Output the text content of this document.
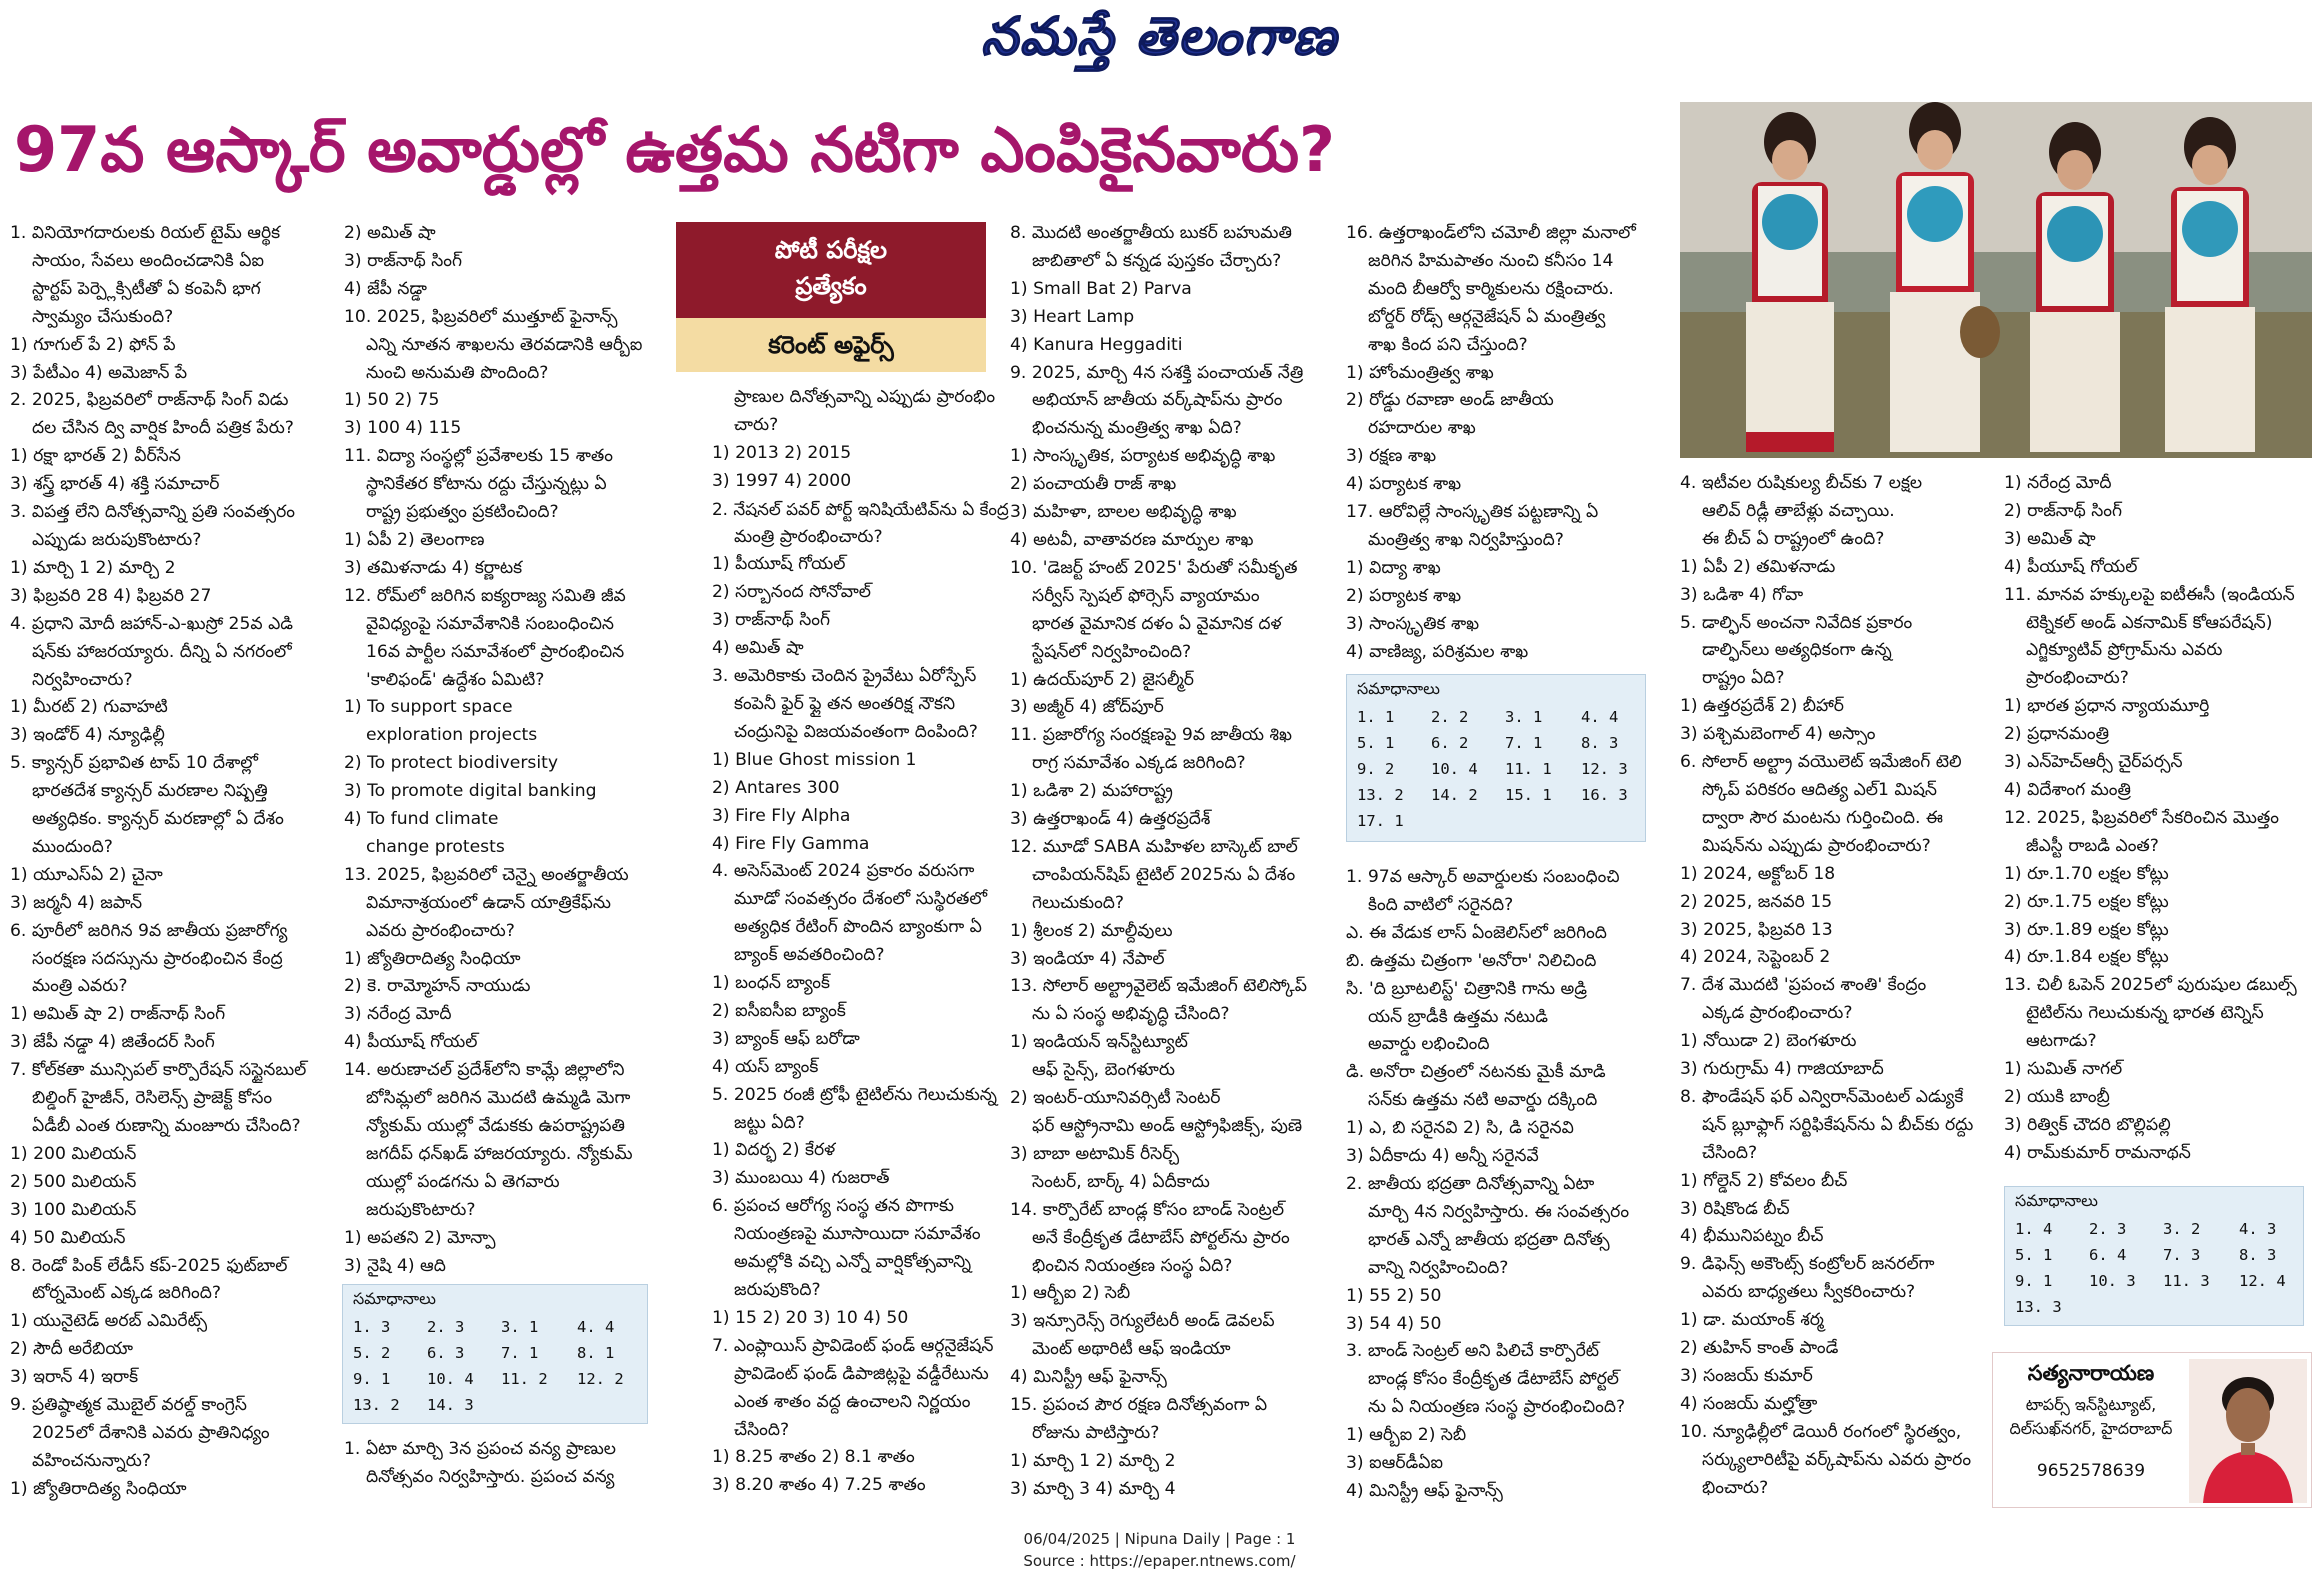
నమస్తే తెలంగాణ
97వ ఆస్కార్ అవార్డుల్లో ఉత్తమ నటిగా ఎంపికైనవారు?
పోటీ పరీక్షల
ప్రత్యేకం
కరెంట్ అఫైర్స్

1. వినియోగదారులకు రియల్ టైమ్ ఆర్థిక

సాయం, సేవలు అందించడానికి ఏఐ

స్టార్టప్ పెర్ప్లెక్సిటీతో ఏ కంపెనీ భాగ

స్వామ్యం చేసుకుంది?

1) గూగుల్ పే 2) ఫోన్ పే

3) పేటీఎం 4) అమెజాన్ పే

2. 2025, ఫిబ్రవరిలో రాజ్‌నాథ్ సింగ్ విడు

దల చేసిన ద్వి వార్షిక హిందీ పత్రిక పేరు?

1) రక్షా భారత్ 2) వీర్‌సేన

3) శస్త్ర్ భారత్ 4) శక్తి సమాచార్

3. విపత్త లేని దినోత్సవాన్ని ప్రతి సంవత్సరం

ఎప్పుడు జరుపుకొంటారు?

1) మార్చి 1 2) మార్చి 2

3) ఫిబ్రవరి 28 4) ఫిబ్రవరి 27

4. ప్రధాని మోదీ జహాన్-ఎ-ఖుస్రో 25వ ఎడి

షన్‌కు హాజరయ్యారు. దీన్ని ఏ నగరంలో

నిర్వహించారు?

1) మీరట్ 2) గువాహటి

3) ఇండోర్ 4) న్యూఢిల్లీ

5. క్యాన్సర్ ప్రభావిత టాప్ 10 దేశాల్లో

భారతదేశ క్యాన్సర్ మరణాల నిష్పత్తి

అత్యధికం. క్యాన్సర్ మరణాల్లో ఏ దేశం

ముందుంది?

1) యూఎస్ఏ 2) చైనా

3) జర్మనీ 4) జపాన్

6. పూరీలో జరిగిన 9వ జాతీయ ప్రజారోగ్య

సంరక్షణ సదస్సును ప్రారంభించిన కేంద్ర

మంత్రి ఎవరు?

1) అమిత్ షా 2) రాజ్‌నాథ్ సింగ్

3) జేపీ నడ్డా 4) జితేందర్ సింగ్

7. కోల్‌కతా మున్సిపల్ కార్పొరేషన్ సస్టైనబుల్

బిల్డింగ్ హైజీన్, రెసిలెన్స్ ప్రాజెక్ట్ కోసం

ఏడీబీ ఎంత రుణాన్ని మంజూరు చేసింది?

1) 200 మిలియన్

2) 500 మిలియన్

3) 100 మిలియన్

4) 50 మిలియన్

8. రెండో పింక్ లేడీస్ కప్-2025 ఫుట్‌బాల్

టోర్నమెంట్ ఎక్కడ జరిగింది?

1) యునైటెడ్ అరబ్ ఎమిరేట్స్

2) సౌదీ అరేబియా

3) ఇరాన్ 4) ఇరాక్

9. ప్రతిష్ఠాత్మక మొబైల్ వరల్డ్ కాంగ్రెస్

2025లో దేశానికి ఎవరు ప్రాతినిధ్యం

వహించనున్నారు?

1) జ్యోతిరాదిత్య సింధియా

2) అమిత్ షా

3) రాజ్‌నాథ్ సింగ్

4) జేపీ నడ్డా

10. 2025, ఫిబ్రవరిలో ముత్తూట్ ఫైనాన్స్

ఎన్ని నూతన శాఖలను తెరవడానికి ఆర్బీఐ

నుంచి అనుమతి పొందింది?

1) 50 2) 75

3) 100 4) 115

11. విద్యా సంస్థల్లో ప్రవేశాలకు 15 శాతం

స్థానికేతర కోటాను రద్దు చేస్తున్నట్లు ఏ

రాష్ట్ర ప్రభుత్వం ప్రకటించింది?

1) ఏపీ 2) తెలంగాణ

3) తమిళనాడు 4) కర్ణాటక

12. రోమ్‌లో జరిగిన ఐక్యరాజ్య సమితి జీవ

వైవిధ్యంపై సమావేశానికి సంబంధించిన

16వ పార్టీల సమావేశంలో ప్రారంభించిన

'కాలిఫండ్' ఉద్దేశం ఏమిటి?

1) To support space

exploration projects

2) To protect biodiversity

3) To promote digital banking

4) To fund climate

change protests

13. 2025, ఫిబ్రవరిలో చెన్నై అంతర్జాతీయ

విమానాశ్రయంలో ఉడాన్ యాత్రికేఫ్‌ను

ఎవరు ప్రారంభించారు?

1) జ్యోతిరాదిత్య సింధియా

2) కె. రామ్మోహన్ నాయుడు

3) నరేంద్ర మోదీ

4) పీయూష్ గోయల్

14. అరుణాచల్ ప్రదేశ్‌లోని కామ్లే జిల్లాలోని

బోసిమ్లలో జరిగిన మొదటి ఉమ్మడి మెగా

న్యోకుమ్ యుల్లో వేడుకకు ఉపరాష్ట్రపతి

జగదీప్ ధన్‌ఖడ్ హాజరయ్యారు. న్యోకుమ్

యుల్లో పండగను ఏ తెగవారు

జరుపుకొంటారు?

1) అపతని 2) మోన్పా

3) నైషి 4) ఆది

1. ఏటా మార్చి 3న ప్రపంచ వన్య ప్రాణుల

దినోత్సవం నిర్వహిస్తారు. ప్రపంచ వన్య

ప్రాణుల దినోత్సవాన్ని ఎప్పుడు ప్రారంభిం

చారు?

1) 2013 2) 2015

3) 1997 4) 2000

2. నేషనల్ పవర్ పోర్ట్ ఇనిషియేటివ్‌ను ఏ కేంద్ర

మంత్రి ప్రారంభించారు?

1) పీయూష్ గోయల్

2) సర్బానంద సోనోవాల్

3) రాజ్‌నాథ్ సింగ్

4) అమిత్ షా

3. అమెరికాకు చెందిన ప్రైవేటు ఏరోస్పేస్

కంపెనీ ఫైర్ ఫ్లై తన అంతరిక్ష నౌకని

చంద్రునిపై విజయవంతంగా దింపింది?

1) Blue Ghost mission 1

2) Antares 300

3) Fire Fly Alpha

4) Fire Fly Gamma

4. అసెస్‌మెంట్ 2024 ప్రకారం వరుసగా

మూడో సంవత్సరం దేశంలో సుస్థిరతలో

అత్యధిక రేటింగ్ పొందిన బ్యాంకుగా ఏ

బ్యాంక్ అవతరించింది?

1) బంధన్ బ్యాంక్

2) ఐసీఐసీఐ బ్యాంక్

3) బ్యాంక్ ఆఫ్ బరోడా

4) యస్ బ్యాంక్

5. 2025 రంజీ ట్రోఫీ టైటిల్‌ను గెలుచుకున్న

జట్టు ఏది?

1) విదర్భ 2) కేరళ

3) ముంబయి 4) గుజరాత్

6. ప్రపంచ ఆరోగ్య సంస్థ తన పొగాకు

నియంత్రణపై మూసాయిదా సమావేశం

అమల్లోకి వచ్చి ఎన్నో వార్షికోత్సవాన్ని

జరుపుకొంది?

1) 15 2) 20 3) 10 4) 50

7. ఎంప్లాయిస్ ప్రావిడెంట్ ఫండ్ ఆర్గనైజేషన్

ప్రావిడెంట్ ఫండ్ డిపాజిట్లపై వడ్డీరేటును

ఎంత శాతం వద్ద ఉంచాలని నిర్ణయం

చేసింది?

1) 8.25 శాతం 2) 8.1 శాతం

3) 8.20 శాతం 4) 7.25 శాతం

8. మొదటి అంతర్జాతీయ బుకర్ బహుమతి

జాబితాలో ఏ కన్నడ పుస్తకం చేర్చారు?

1) Small Bat 2) Parva

3) Heart Lamp

4) Kanura Heggaditi

9. 2025, మార్చి 4న సశక్తి పంచాయత్ నేత్రి

అభియాన్ జాతీయ వర్క్‌షాప్‌ను ప్రారం

భించనున్న మంత్రిత్వ శాఖ ఏది?

1) సాంస్కృతిక, పర్యాటక అభివృద్ధి శాఖ

2) పంచాయతీ రాజ్ శాఖ

3) మహిళా, బాలల అభివృద్ధి శాఖ

4) అటవీ, వాతావరణ మార్పుల శాఖ

10. 'డెజర్ట్ హంట్ 2025' పేరుతో సమీకృత

సర్వీస్ స్పెషల్ ఫోర్సెస్ వ్యాయామం

భారత వైమానిక దళం ఏ వైమానిక దళ

స్టేషన్‌లో నిర్వహించింది?

1) ఉదయ్‌పూర్ 2) జైసల్మీర్

3) అజ్మీర్ 4) జోద్‌పూర్

11. ప్రజారోగ్య సంరక్షణపై 9వ జాతీయ శిఖ

రాగ్ర సమావేశం ఎక్కడ జరిగింది?

1) ఒడిశా 2) మహారాష్ట్ర

3) ఉత్తరాఖండ్ 4) ఉత్తరప్రదేశ్

12. మూడో SABA మహిళల బాస్కెట్ బాల్

చాంపియన్‌షిప్ టైటిల్ 2025ను ఏ దేశం

గెలుచుకుంది?

1) శ్రీలంక 2) మాల్దీవులు

3) ఇండియా 4) నేపాల్

13. సోలార్ అల్ట్రావైలెట్ ఇమేజింగ్ టెలిస్కోప్

ను ఏ సంస్థ అభివృద్ధి చేసింది?

1) ఇండియన్ ఇన్‌స్టిట్యూట్

ఆఫ్ సైన్స్, బెంగళూరు

2) ఇంటర్-యూనివర్సిటీ సెంటర్

ఫర్ ఆస్ట్రోనామి అండ్ ఆస్ట్రోఫిజిక్స్, పుణె

3) బాబా అటామిక్ రీసెర్చ్

సెంటర్, బార్క్ 4) ఏదీకాదు

14. కార్పొరేట్ బాండ్ల కోసం బాండ్ సెంట్రల్

అనే కేంద్రీకృత డేటాబేస్ పోర్టల్‌ను ప్రారం

భించిన నియంత్రణ సంస్థ ఏది?

1) ఆర్బీఐ 2) సెబీ

3) ఇన్సూరెన్స్ రెగ్యులేటరీ అండ్ డెవలప్

మెంట్ అథారిటీ ఆఫ్ ఇండియా

4) మినిస్ట్రీ ఆఫ్ ఫైనాన్స్

15. ప్రపంచ పౌర రక్షణ దినోత్సవంగా ఏ

రోజును పాటిస్తారు?

1) మార్చి 1 2) మార్చి 2

3) మార్చి 3 4) మార్చి 4

16. ఉత్తరాఖండ్‌లోని చమోలీ జిల్లా మనాలో

జరిగిన హిమపాతం నుంచి కనీసం 14

మంది బీఆర్వో కార్మికులను రక్షించారు.

బోర్డర్ రోడ్స్ ఆర్గనైజేషన్ ఏ మంత్రిత్వ

శాఖ కింద పని చేస్తుంది?

1) హోంమంత్రిత్వ శాఖ

2) రోడ్డు రవాణా అండ్ జాతీయ

రహదారుల శాఖ

3) రక్షణ శాఖ

4) పర్యాటక శాఖ

17. ఆరోవిల్లే సాంస్కృతిక పట్టణాన్ని ఏ

మంత్రిత్వ శాఖ నిర్వహిస్తుంది?

1) విద్యా శాఖ

2) పర్యాటక శాఖ

3) సాంస్కృతిక శాఖ

4) వాణిజ్య, పరిశ్రమల శాఖ

1. 97వ ఆస్కార్ అవార్డులకు సంబంధించి

కింది వాటిలో సరైనది?

ఎ. ఈ వేడుక లాస్ ఏంజెలిస్‌లో జరిగింది

బి. ఉత్తమ చిత్రంగా 'అనోరా' నిలిచింది

సి. 'ది బ్రూటలిస్ట్' చిత్రానికి గాను అడ్రి

యన్ బ్రాడీకి ఉత్తమ నటుడి

అవార్డు లభించింది

డి. అనోరా చిత్రంలో నటనకు మైకీ మాడి

సన్‌కు ఉత్తమ నటి అవార్డు దక్కింది

1) ఎ, బి సరైనవి 2) సి, డి సరైనవి

3) ఏదీకాదు 4) అన్నీ సరైనవే

2. జాతీయ భద్రతా దినోత్సవాన్ని ఏటా

మార్చి 4న నిర్వహిస్తారు. ఈ సంవత్సరం

భారత్ ఎన్నో జాతీయ భద్రతా దినోత్స

వాన్ని నిర్వహించింది?

1) 55 2) 50

3) 54 4) 50

3. బాండ్ సెంట్రల్ అని పిలిచే కార్పొరేట్

బాండ్ల కోసం కేంద్రీకృత డేటాబేస్ పోర్టల్

ను ఏ నియంత్రణ సంస్థ ప్రారంభించింది?

1) ఆర్బీఐ 2) సెబీ

3) ఐఆర్‌డీఏఐ

4) మినిస్ట్రీ ఆఫ్ ఫైనాన్స్

4. ఇటీవల రుషికుల్య బీచ్‌కు 7 లక్షల

ఆలివ్ రిడ్లీ తాబేళ్లు వచ్చాయి.

ఈ బీచ్ ఏ రాష్ట్రంలో ఉంది?

1) ఏపీ 2) తమిళనాడు

3) ఒడిశా 4) గోవా

5. డాల్ఫిన్ అంచనా నివేదిక ప్రకారం

డాల్ఫిన్‌లు అత్యధికంగా ఉన్న

రాష్ట్రం ఏది?

1) ఉత్తరప్రదేశ్ 2) బీహార్

3) పశ్చిమబెంగాల్ 4) అస్సాం

6. సోలార్ అల్ట్రా వయొలెట్ ఇమేజింగ్ టెలి

స్కోప్ పరికరం ఆదిత్య ఎల్1 మిషన్

ద్వారా సౌర మంటను గుర్తించింది. ఈ

మిషన్‌ను ఎప్పుడు ప్రారంభించారు?

1) 2024, అక్టోబర్ 18

2) 2025, జనవరి 15

3) 2025, ఫిబ్రవరి 13

4) 2024, సెప్టెంబర్ 2

7. దేశ మొదటి 'ప్రపంచ శాంతి' కేంద్రం

ఎక్కడ ప్రారంభించారు?

1) నోయిడా 2) బెంగళూరు

3) గురుగ్రామ్ 4) గాజియాబాద్

8. ఫౌండేషన్ ఫర్ ఎన్విరాన్‌మెంటల్ ఎడ్యుకే

షన్ బ్లూఫ్లాగ్ సర్టిఫికేషన్‌ను ఏ బీచ్‌కు రద్దు

చేసింది?

1) గోల్డెన్ 2) కోవలం బీచ్

3) రిషికొండ బీచ్

4) భీమునిపట్నం బీచ్

9. డిఫెన్స్ అకౌంట్స్ కంట్రోలర్ జనరల్‌గా

ఎవరు బాధ్యతలు స్వీకరించారు?

1) డా. మయాంక్ శర్మ

2) తుహిన్ కాంత్ పాండే

3) సంజయ్ కుమార్

4) సంజయ్ మల్హోత్రా

10. న్యూఢిల్లీలో డెయిరీ రంగంలో స్థిరత్వం,

సర్క్యులారిటీపై వర్క్‌షాప్‌ను ఎవరు ప్రారం

భించారు?

1) నరేంద్ర మోదీ

2) రాజ్‌నాథ్ సింగ్

3) అమిత్ షా

4) పీయూష్ గోయల్

11. మానవ హక్కులపై ఐటీఈసీ (ఇండియన్

టెక్నికల్ అండ్ ఎకనామిక్ కోఆపరేషన్)

ఎగ్జిక్యూటివ్ ప్రోగ్రామ్‌ను ఎవరు

ప్రారంభించారు?

1) భారత ప్రధాన న్యాయమూర్తి

2) ప్రధానమంత్రి

3) ఎన్‌హెచ్‌ఆర్సీ చైర్‌పర్సన్

4) విదేశాంగ మంత్రి

12. 2025, ఫిబ్రవరిలో సేకరించిన మొత్తం

జీఎస్టీ రాబడి ఎంత?

1) రూ.1.70 లక్షల కోట్లు

2) రూ.1.75 లక్షల కోట్లు

3) రూ.1.89 లక్షల కోట్లు

4) రూ.1.84 లక్షల కోట్లు

13. చిలీ ఓపెన్ 2025లో పురుషుల డబుల్స్

టైటిల్‌ను గెలుచుకున్న భారత టెన్నిస్

ఆటగాడు?

1) సుమిత్ నాగల్

2) యుకి బాంబ్రీ

3) రిత్విక్ చౌదరి బొల్లిపల్లి

4) రామ్‌కుమార్ రామనాథన్

సమాధానాలు
1. 3	2. 3	3. 1	4. 4
5. 2	6. 3	7. 1	8. 1
9. 1	10. 4	11. 2	12. 2
13. 2	14. 3		
సమాధానాలు
1. 1	2. 2	3. 1	4. 4
5. 1	6. 2	7. 1	8. 3
9. 2	10. 4	11. 1	12. 3
13. 2	14. 2	15. 1	16. 3
17. 1			
సమాధానాలు
1. 4	2. 3	3. 2	4. 3
5. 1	6. 4	7. 3	8. 3
9. 1	10. 3	11. 3	12. 4
13. 3			
సత్యనారాయణ
టాపర్స్ ఇన్‌స్టిట్యూట్,
దిల్‌సుఖ్‌నగర్, హైదరాబాద్
9652578639
06/04/2025 | Nipuna Daily | Page : 1
Source : https://epaper.ntnews.com/
